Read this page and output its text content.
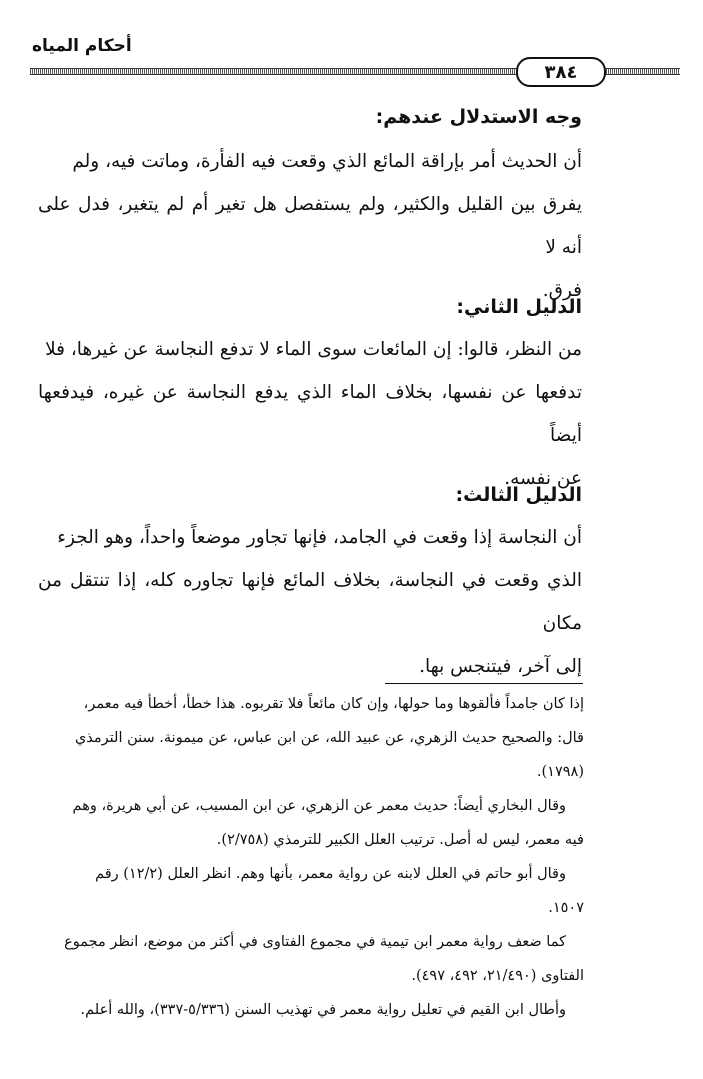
أحكام المياه
٣٨٤
وجه الاستدلال عندهم:

أن الحديث أمر بإراقة المائع الذي وقعت فيه الفأرة، وماتت فيه، ولم

يفرق بين القليل والكثير، ولم يستفصل هل تغير أم لم يتغير، فدل على أنه لا

فرق.

الدليل الثاني:

من النظر، قالوا: إن المائعات سوى الماء لا تدفع النجاسة عن غيرها، فلا

تدفعها عن نفسها، بخلاف الماء الذي يدفع النجاسة عن غيره، فيدفعها أيضاً

عن نفسه.

الدليل الثالث:

أن النجاسة إذا وقعت في الجامد، فإنها تجاور موضعاً واحداً، وهو الجزء

الذي وقعت في النجاسة، بخلاف المائع فإنها تجاوره كله، إذا تنتقل من مكان

إلى آخر، فيتنجس بها.

إذا كان جامداً فألقوها وما حولها، وإن كان مائعاً فلا تقربوه. هذا خطأ، أخطأ فيه معمر،

قال: والصحيح حديث الزهري، عن عبيد الله، عن ابن عباس، عن ميمونة. سنن الترمذي

(١٧٩٨).

وقال البخاري أيضاً: حديث معمر عن الزهري، عن ابن المسيب، عن أبي هريرة، وهم

فيه معمر، ليس له أصل. ترتيب العلل الكبير للترمذي (٢/٧٥٨).

وقال أبو حاتم في العلل لابنه عن رواية معمر، بأنها وهم. انظر العلل (١٢/٢) رقم

١٥٠٧.

كما ضعف رواية معمر ابن تيمية في مجموع الفتاوى في أكثر من موضع، انظر مجموع

الفتاوى (٢١/٤٩٠، ٤٩٢، ٤٩٧).

وأطال ابن القيم في تعليل رواية معمر في تهذيب السنن (٥/٣٣٦-٣٣٧)، والله أعلم.
